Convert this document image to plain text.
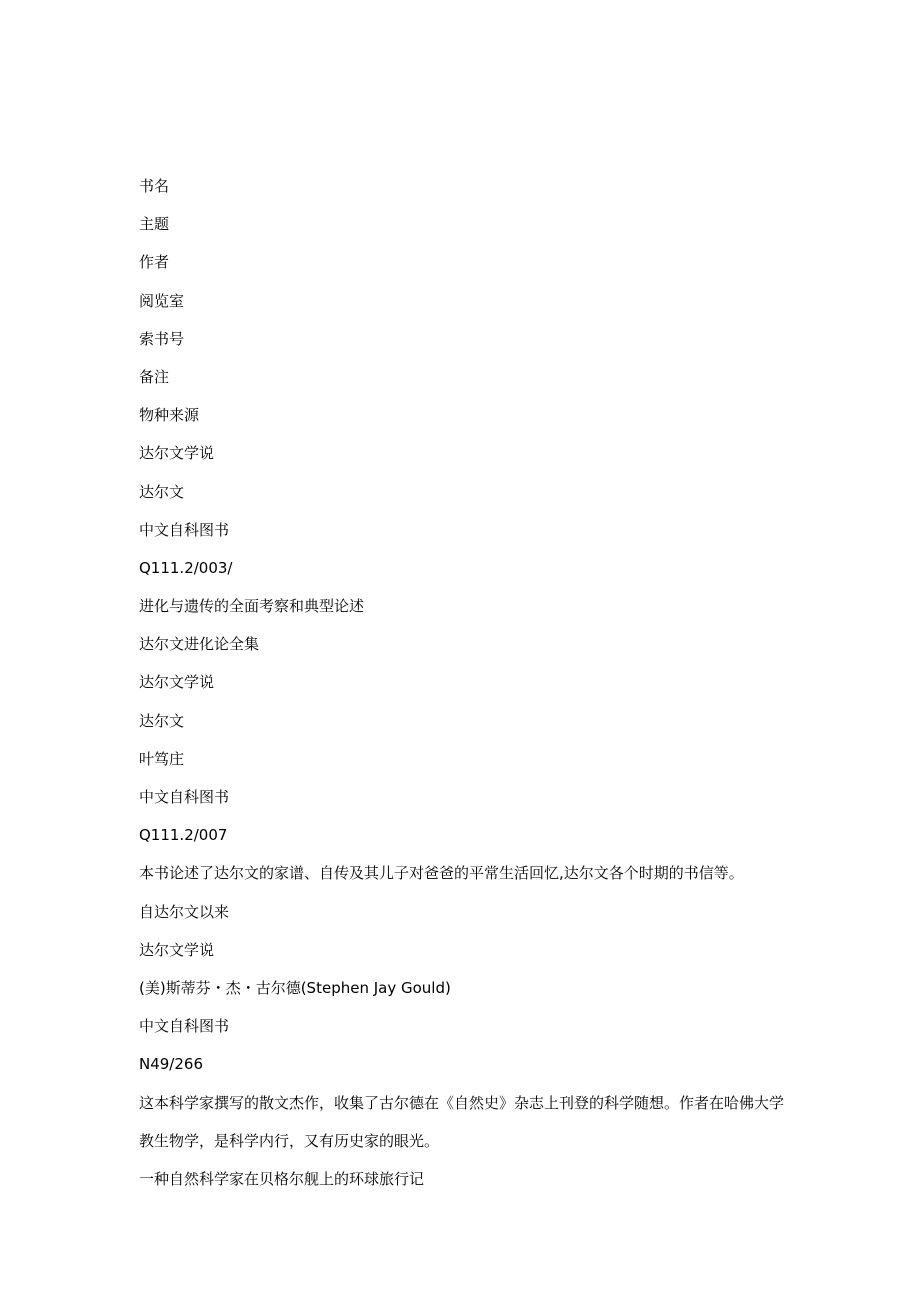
书名
主题
作者
阅览室
索书号
备注
物种来源
达尔文学说
达尔文
中文自科图书
Q111.2/003/
进化与遗传的全面考察和典型论述
达尔文进化论全集
达尔文学说
达尔文
叶笃庄
中文自科图书
Q111.2/007
本书论述了达尔文的家谱、自传及其儿子对爸爸的平常生活回忆,达尔文各个时期的书信等。
自达尔文以来
达尔文学说
(美)斯蒂芬・杰・古尔德(Stephen Jay Gould)
中文自科图书
N49/266
这本科学家撰写的散文杰作，收集了古尔德在《自然史》杂志上刊登的科学随想。作者在哈佛大学教生物学，是科学内行，又有历史家的眼光。
一种自然科学家在贝格尔舰上的环球旅行记
